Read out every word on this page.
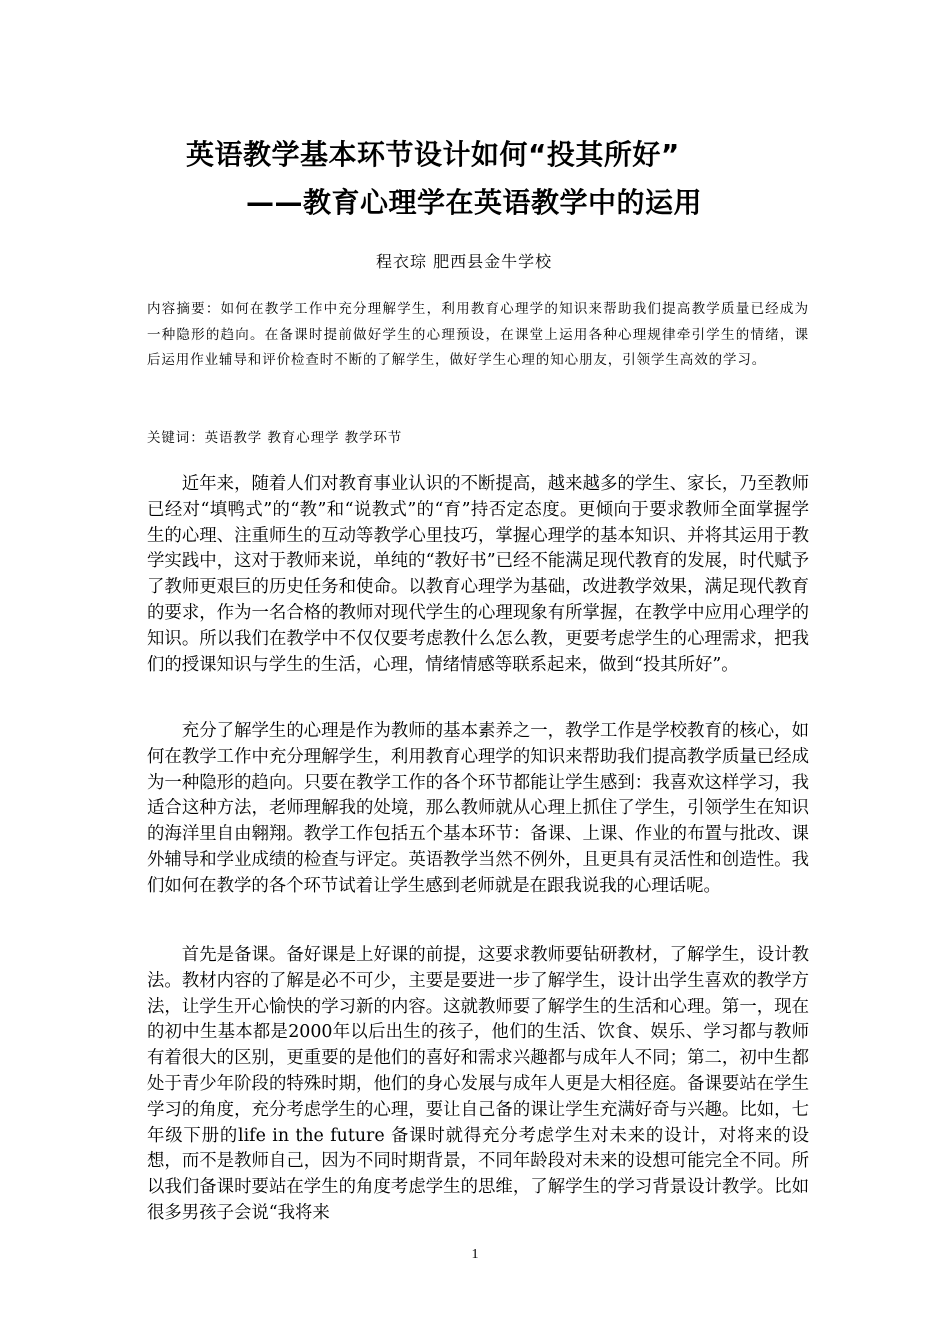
英语教学基本环节设计如何“投其所好”
——教育心理学在英语教学中的运用

程衣琮 肥西县金牛学校

内容摘要：如何在教学工作中充分理解学生，利用教育心理学的知识来帮助我们提高教学质量已经成为一种隐形的趋向。在备课时提前做好学生的心理预设，在课堂上运用各种心理规律牵引学生的情绪，课后运用作业辅导和评价检查时不断的了解学生，做好学生心理的知心朋友，引领学生高效的学习。

关键词：英语教学 教育心理学 教学环节

近年来，随着人们对教育事业认识的不断提高，越来越多的学生、家长，乃至教师已经对“填鸭式”的“教”和“说教式”的“育”持否定态度。更倾向于要求教师全面掌握学生的心理、注重师生的互动等教学心里技巧，掌握心理学的基本知识、并将其运用于教学实践中，这对于教师来说，单纯的“教好书”已经不能满足现代教育的发展，时代赋予了教师更艰巨的历史任务和使命。以教育心理学为基础，改进教学效果，满足现代教育的要求，作为一名合格的教师对现代学生的心理现象有所掌握，在教学中应用心理学的知识。所以我们在教学中不仅仅要考虑教什么怎么教，更要考虑学生的心理需求，把我们的授课知识与学生的生活，心理，情绪情感等联系起来，做到“投其所好”。

充分了解学生的心理是作为教师的基本素养之一，教学工作是学校教育的核心，如何在教学工作中充分理解学生，利用教育心理学的知识来帮助我们提高教学质量已经成为一种隐形的趋向。只要在教学工作的各个环节都能让学生感到：我喜欢这样学习，我适合这种方法，老师理解我的处境，那么教师就从心理上抓住了学生，引领学生在知识的海洋里自由翱翔。教学工作包括五个基本环节：备课、上课、作业的布置与批改、课外辅导和学业成绩的检查与评定。英语教学当然不例外，且更具有灵活性和创造性。我们如何在教学的各个环节试着让学生感到老师就是在跟我说我的心理话呢。

首先是备课。备好课是上好课的前提，这要求教师要钻研教材，了解学生，设计教法。教材内容的了解是必不可少，主要是要进一步了解学生，设计出学生喜欢的教学方法，让学生开心愉快的学习新的内容。这就教师要了解学生的生活和心理。第一，现在的初中生基本都是2000年以后出生的孩子，他们的生活、饮食、娱乐、学习都与教师有着很大的区别，更重要的是他们的喜好和需求兴趣都与成年人不同；第二，初中生都处于青少年阶段的特殊时期，他们的身心发展与成年人更是大相径庭。备课要站在学生学习的角度，充分考虑学生的心理，要让自己备的课让学生充满好奇与兴趣。比如，七年级下册的life in the future 备课时就得充分考虑学生对未来的设计，对将来的设想，而不是教师自己，因为不同时期背景，不同年龄段对未来的设想可能完全不同。所以我们备课时要站在学生的角度考虑学生的思维，了解学生的学习背景设计教学。比如很多男孩子会说“我将来

1
